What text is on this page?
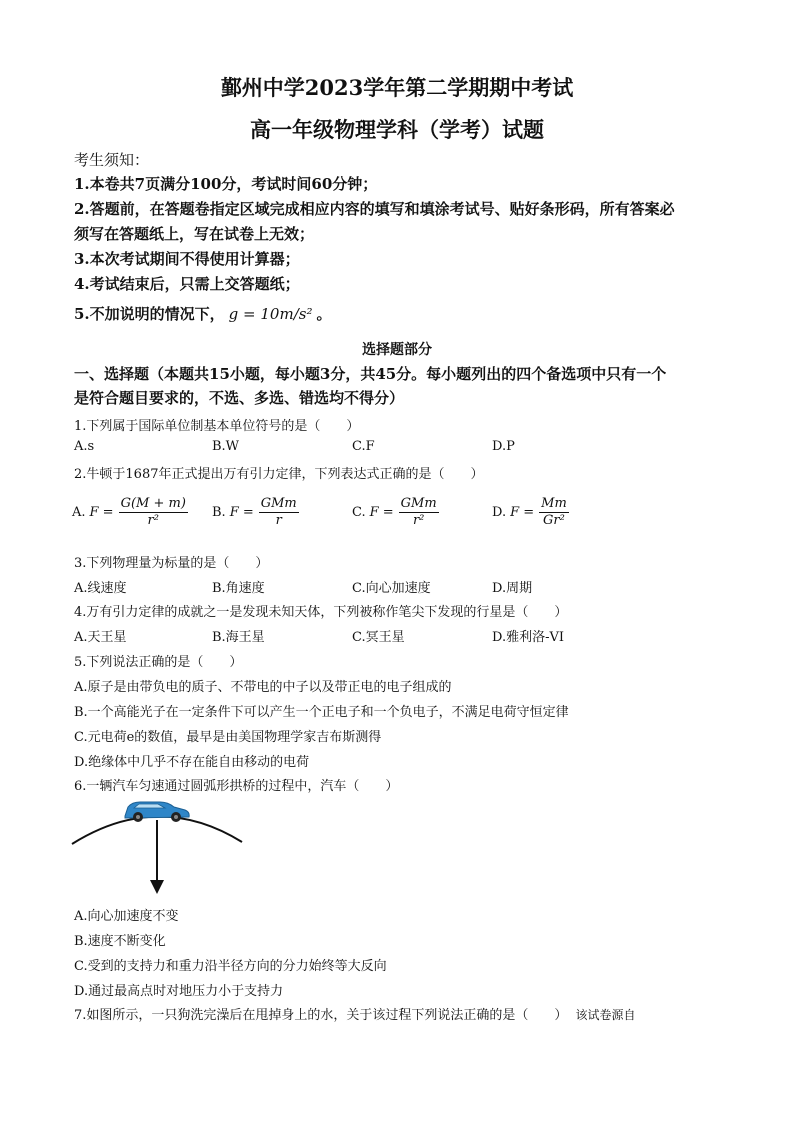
鄞州中学2023学年第二学期期中考试
高一年级物理学科（学考）试题
考生须知：
1.本卷共7页满分100分，考试时间60分钟；
2.答题前，在答题卷指定区域完成相应内容的填写和填涂考试号、贴好条形码，所有答案必
须写在答题纸上，写在试卷上无效；
3.本次考试期间不得使用计算器；
4.考试结束后，只需上交答题纸；
5.不加说明的情况下， g = 10m/s² 。
选择题部分
一、选择题（本题共15小题，每小题3分，共45分。每小题列出的四个备选项中只有一个
是符合题目要求的，不选、多选、错选均不得分）
1.下列属于国际单位制基本单位符号的是（　　）
A.s	B.W	C.F	D.P
2.牛顿于1687年正式提出万有引力定律，下列表达式正确的是（　　）
A. $F = \frac{G(M + m)}{\text{r²}} B$. $F = \frac{\text{GMm}}{r}$	C. $F = \frac{\text{GMm}}{\text{r²}}$	D. $F = \frac{Mm}{\text{Gr²}}$
3.下列物理量为标量的是（　　）
A.线速度	B.角速度	C.向心加速度	D.周期
4.万有引力定律的成就之一是发现未知天体，下列被称作笔尖下发现的行星是（　　）
A.天王星	B.海王星	C.冥王星	D.雅利洛-VI
5.下列说法正确的是（　　）
A.原子是由带负电的质子、不带电的中子以及带正电的电子组成的
B.一个高能光子在一定条件下可以产生一个正电子和一个负电子，不满足电荷守恒定律
C.元电荷e的数值，最早是由美国物理学家吉布斯测得
D.绝缘体中几乎不存在能自由移动的电荷
6.一辆汽车匀速通过圆弧形拱桥的过程中，汽车（　　）
A.向心加速度不变
B.速度不断变化
C.受到的支持力和重力沿半径方向的分力始终等大反向
D.通过最高点时对地压力小于支持力
7.如图所示，一只狗洗完澡后在甩掉身上的水，关于该过程下列说法正确的是（　　） 该试卷源自
